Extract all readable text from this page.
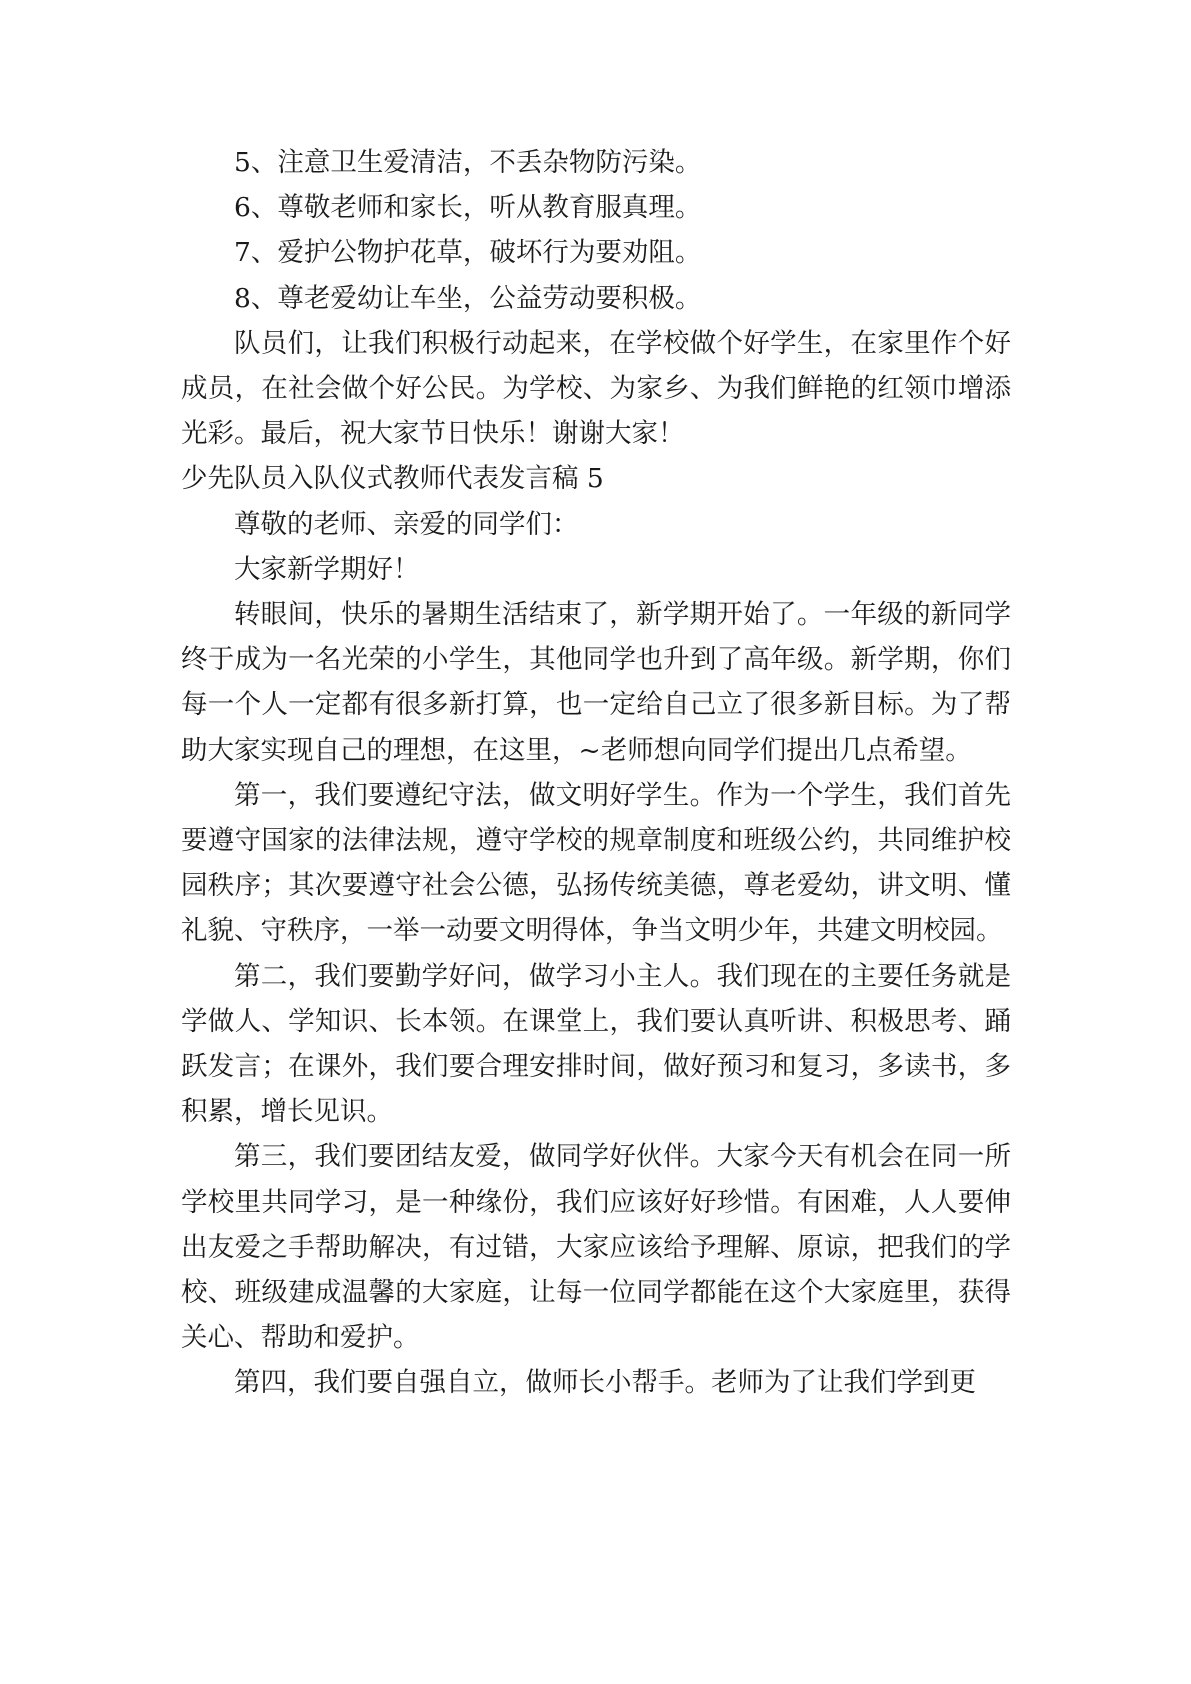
5、注意卫生爱清洁，不丢杂物防污染。

6、尊敬老师和家长，听从教育服真理。

7、爱护公物护花草，破坏行为要劝阻。

8、尊老爱幼让车坐，公益劳动要积极。

队员们，让我们积极行动起来，在学校做个好学生，在家里作个好成员，在社会做个好公民。为学校、为家乡、为我们鲜艳的红领巾增添光彩。最后，祝大家节日快乐！谢谢大家！

少先队员入队仪式教师代表发言稿 5

尊敬的老师、亲爱的同学们：

大家新学期好！

转眼间，快乐的暑期生活结束了，新学期开始了。一年级的新同学终于成为一名光荣的小学生，其他同学也升到了高年级。新学期，你们每一个人一定都有很多新打算，也一定给自己立了很多新目标。为了帮助大家实现自己的理想，在这里，~老师想向同学们提出几点希望。

第一，我们要遵纪守法，做文明好学生。作为一个学生，我们首先要遵守国家的法律法规，遵守学校的规章制度和班级公约，共同维护校园秩序；其次要遵守社会公德，弘扬传统美德，尊老爱幼，讲文明、懂礼貌、守秩序，一举一动要文明得体，争当文明少年，共建文明校园。

第二，我们要勤学好问，做学习小主人。我们现在的主要任务就是学做人、学知识、长本领。在课堂上，我们要认真听讲、积极思考、踊跃发言；在课外，我们要合理安排时间，做好预习和复习，多读书，多积累，增长见识。

第三，我们要团结友爱，做同学好伙伴。大家今天有机会在同一所学校里共同学习，是一种缘份，我们应该好好珍惜。有困难，人人要伸出友爱之手帮助解决，有过错，大家应该给予理解、原谅，把我们的学校、班级建成温馨的大家庭，让每一位同学都能在这个大家庭里，获得关心、帮助和爱护。

第四，我们要自强自立，做师长小帮手。老师为了让我们学到更
